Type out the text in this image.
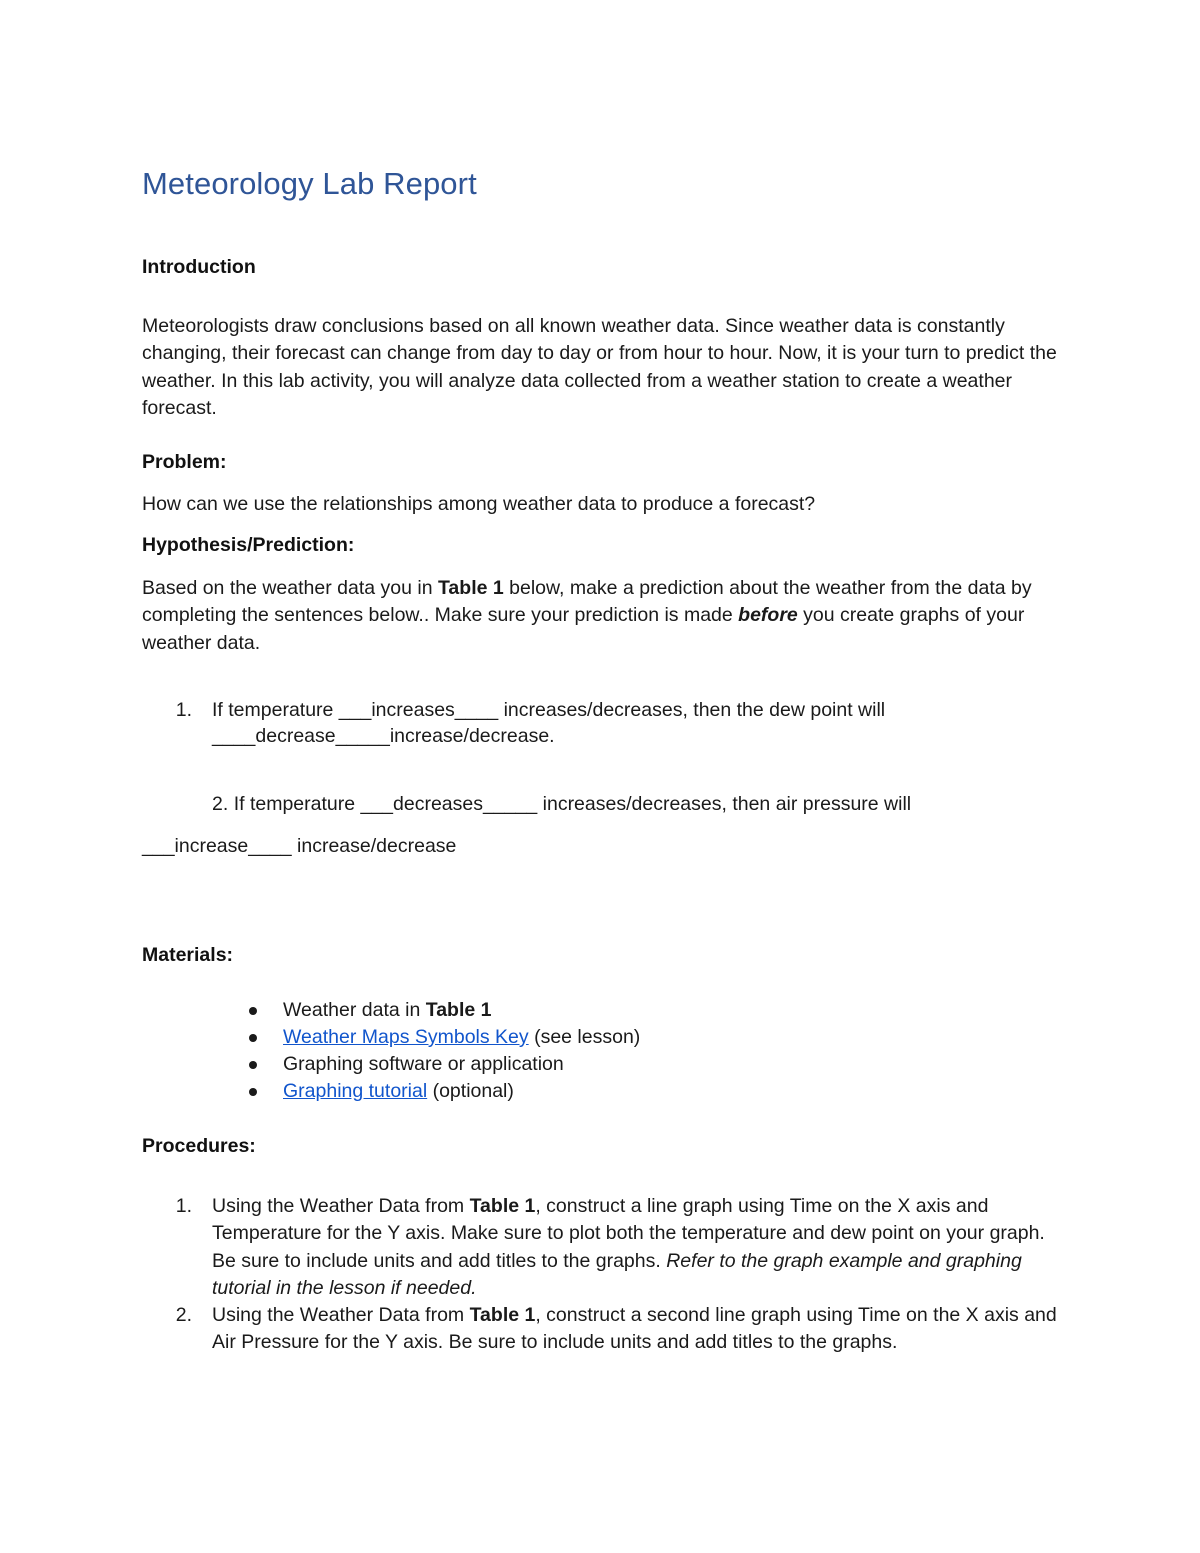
Meteorology Lab Report
Introduction

Meteorologists draw conclusions based on all known weather data. Since weather data is constantly changing, their forecast can change from day to day or from hour to hour. Now, it is your turn to predict the weather. In this lab activity, you will analyze data collected from a weather station to create a weather forecast.

Problem:

How can we use the relationships among weather data to produce a forecast?

Hypothesis/Prediction:

Based on the weather data you in Table 1 below, make a prediction about the weather from the data by completing the sentences below.. Make sure your prediction is made before you create graphs of your weather data.

1. If temperature ___increases____ increases/decreases, then the dew point will
____decrease_____increase/decrease.
2. If temperature ___decreases_____ increases/decreases, then air pressure will
___increase____ increase/decrease
Materials:
Weather data in Table 1
Weather Maps Symbols Key (see lesson)
Graphing software or application
Graphing tutorial (optional)
Procedures:
1. Using the Weather Data from Table 1, construct a line graph using Time on the X axis and Temperature for the Y axis. Make sure to plot both the temperature and dew point on your graph. Be sure to include units and add titles to the graphs. Refer to the graph example and graphing tutorial in the lesson if needed.

2. Using the Weather Data from Table 1, construct a second line graph using Time on the X axis and Air Pressure for the Y axis. Be sure to include units and add titles to the graphs.
